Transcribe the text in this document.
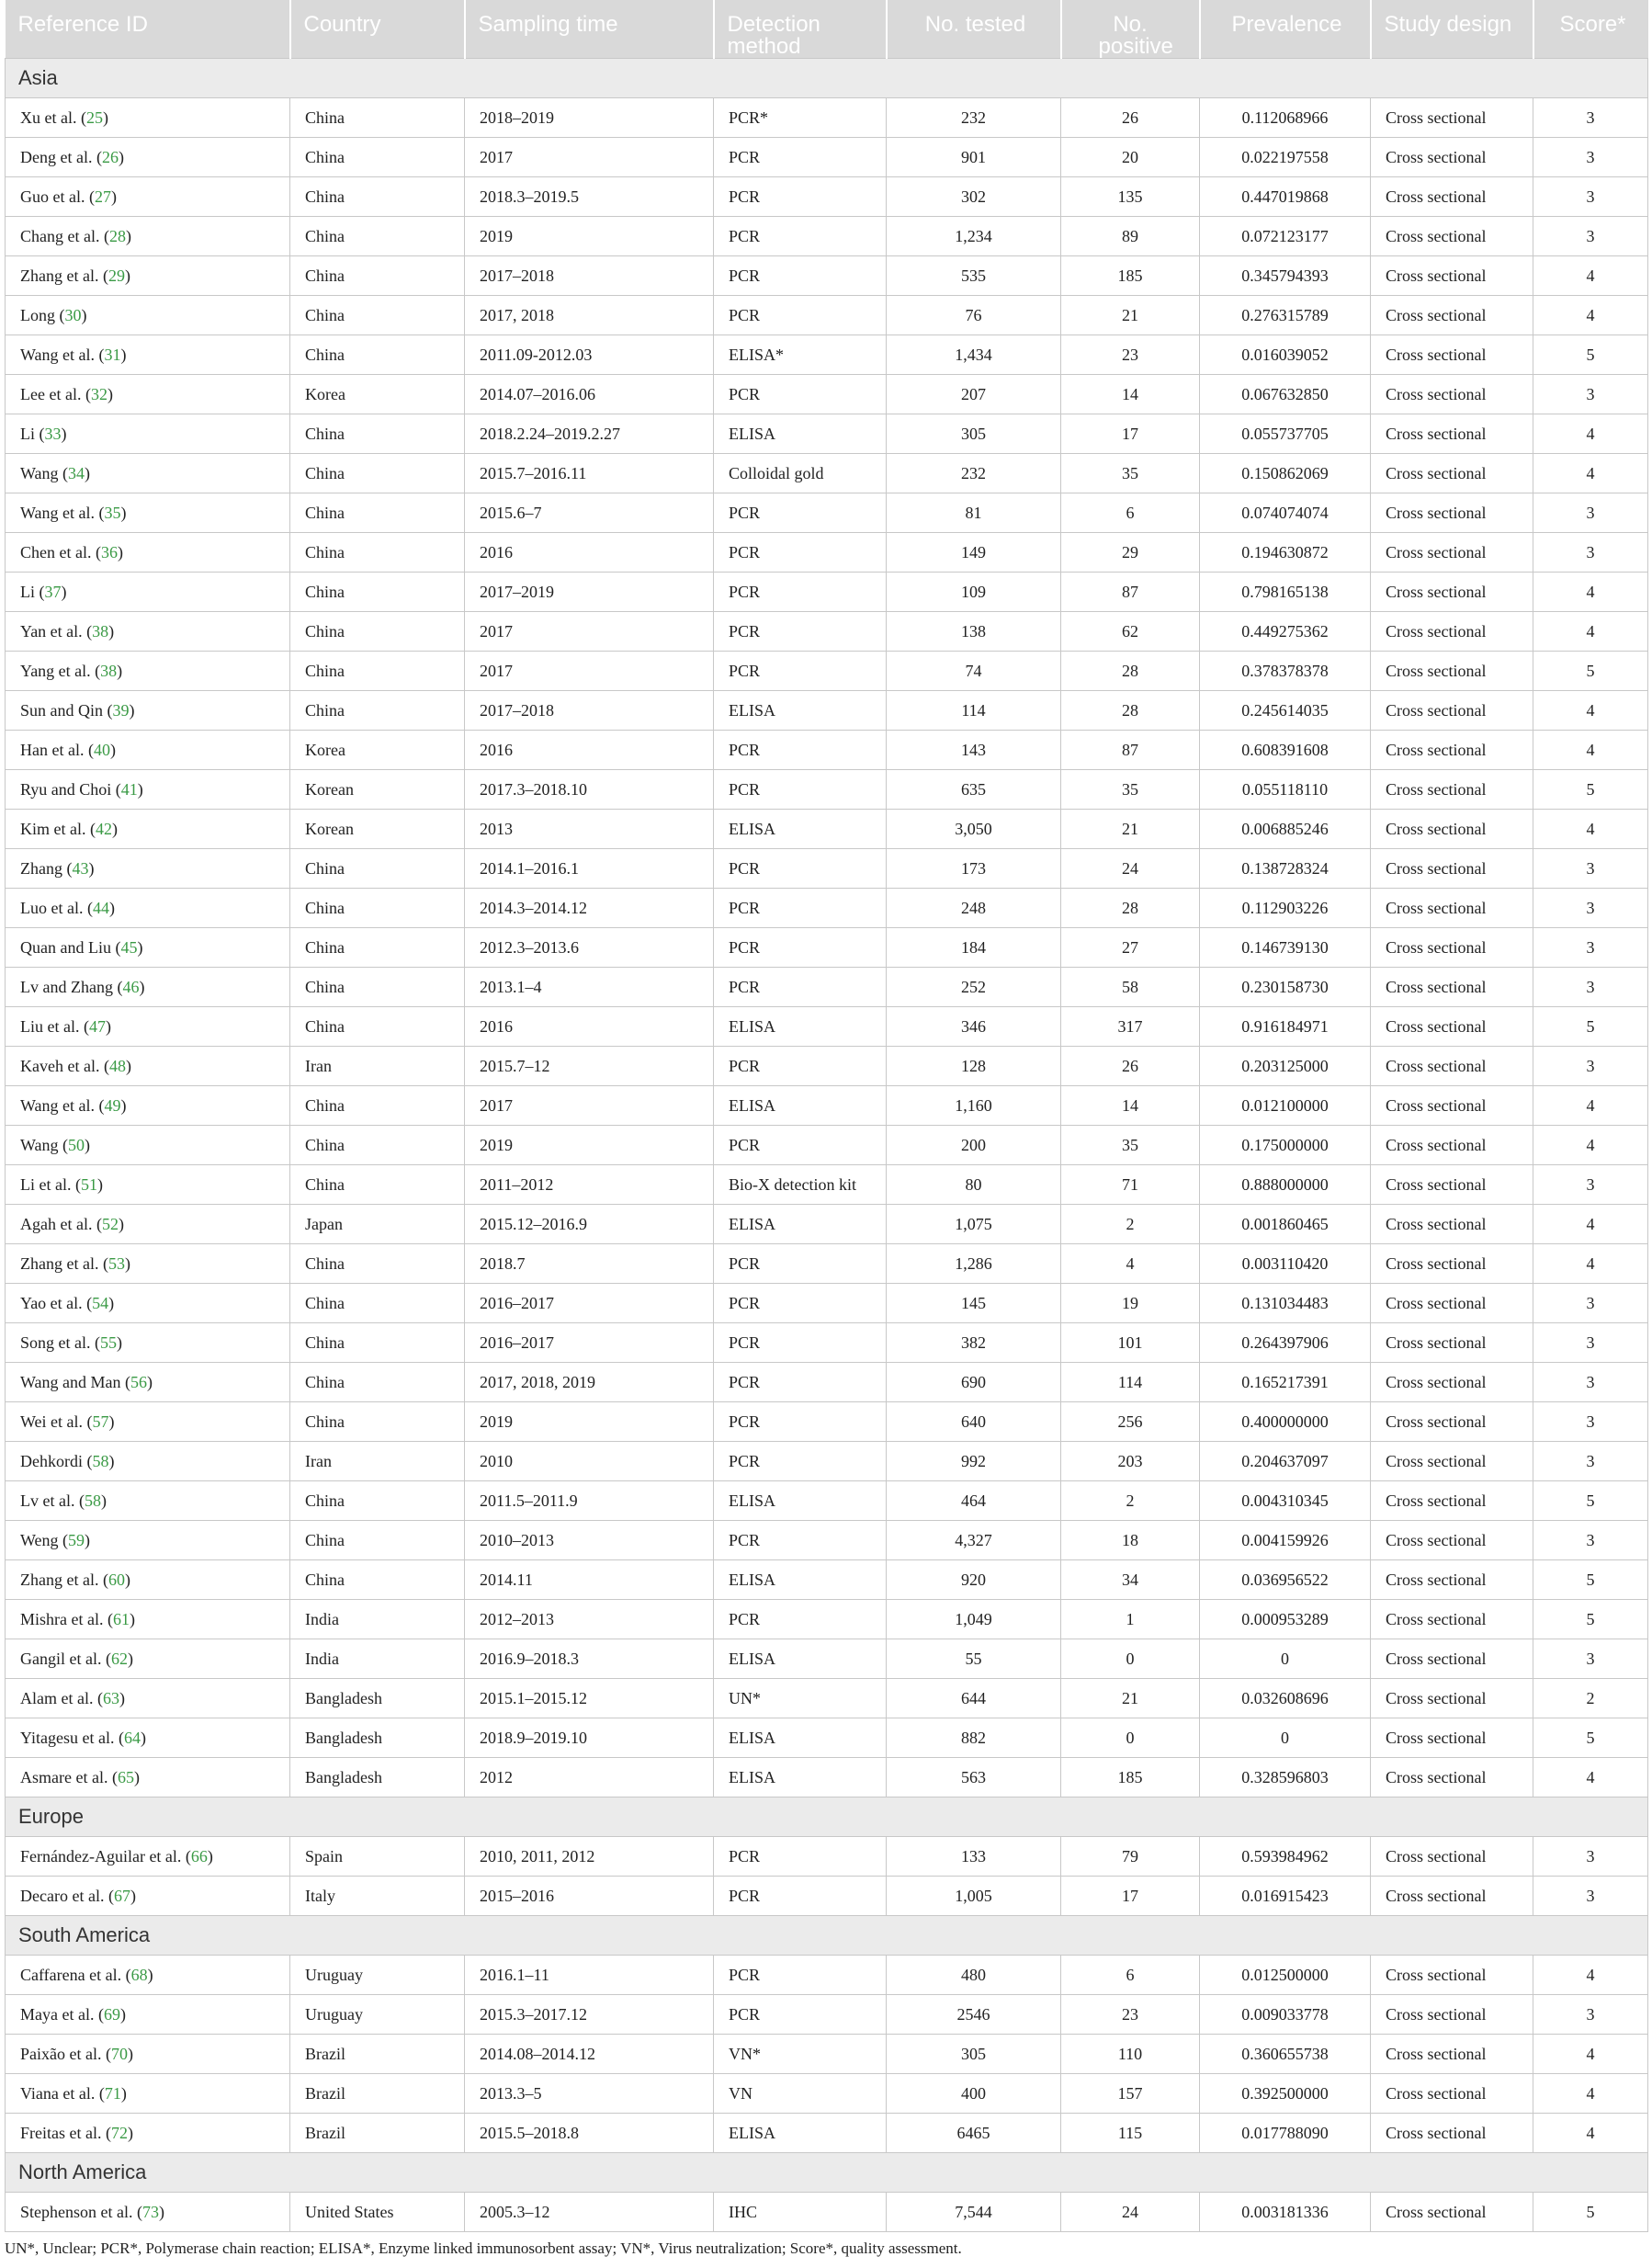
Reference ID	Country	Sampling time	Detection method	No. tested	No. positive	Prevalence	Study design	Score*
Asia								
Xu et al. (25)	China	2018–2019	PCR*	232	26	0.112068966	Cross sectional	3
Deng et al. (26)	China	2017	PCR	901	20	0.022197558	Cross sectional	3
Guo et al. (27)	China	2018.3–2019.5	PCR	302	135	0.447019868	Cross sectional	3
Chang et al. (28)	China	2019	PCR	1,234	89	0.072123177	Cross sectional	3
Zhang et al. (29)	China	2017–2018	PCR	535	185	0.345794393	Cross sectional	4
Long (30)	China	2017, 2018	PCR	76	21	0.276315789	Cross sectional	4
Wang et al. (31)	China	2011.09-2012.03	ELISA*	1,434	23	0.016039052	Cross sectional	5
Lee et al. (32)	Korea	2014.07–2016.06	PCR	207	14	0.067632850	Cross sectional	3
Li (33)	China	2018.2.24–2019.2.27	ELISA	305	17	0.055737705	Cross sectional	4
Wang (34)	China	2015.7–2016.11	Colloidal gold	232	35	0.150862069	Cross sectional	4
Wang et al. (35)	China	2015.6–7	PCR	81	6	0.074074074	Cross sectional	3
Chen et al. (36)	China	2016	PCR	149	29	0.194630872	Cross sectional	3
Li (37)	China	2017–2019	PCR	109	87	0.798165138	Cross sectional	4
Yan et al. (38)	China	2017	PCR	138	62	0.449275362	Cross sectional	4
Yang et al. (38)	China	2017	PCR	74	28	0.378378378	Cross sectional	5
Sun and Qin (39)	China	2017–2018	ELISA	114	28	0.245614035	Cross sectional	4
Han et al. (40)	Korea	2016	PCR	143	87	0.608391608	Cross sectional	4
Ryu and Choi (41)	Korean	2017.3–2018.10	PCR	635	35	0.055118110	Cross sectional	5
Kim et al. (42)	Korean	2013	ELISA	3,050	21	0.006885246	Cross sectional	4
Zhang (43)	China	2014.1–2016.1	PCR	173	24	0.138728324	Cross sectional	3
Luo et al. (44)	China	2014.3–2014.12	PCR	248	28	0.112903226	Cross sectional	3
Quan and Liu (45)	China	2012.3–2013.6	PCR	184	27	0.146739130	Cross sectional	3
Lv and Zhang (46)	China	2013.1–4	PCR	252	58	0.230158730	Cross sectional	3
Liu et al. (47)	China	2016	ELISA	346	317	0.916184971	Cross sectional	5
Kaveh et al. (48)	Iran	2015.7–12	PCR	128	26	0.203125000	Cross sectional	3
Wang et al. (49)	China	2017	ELISA	1,160	14	0.012100000	Cross sectional	4
Wang (50)	China	2019	PCR	200	35	0.175000000	Cross sectional	4
Li et al. (51)	China	2011–2012	Bio-X detection kit	80	71	0.888000000	Cross sectional	3
Agah et al. (52)	Japan	2015.12–2016.9	ELISA	1,075	2	0.001860465	Cross sectional	4
Zhang et al. (53)	China	2018.7	PCR	1,286	4	0.003110420	Cross sectional	4
Yao et al. (54)	China	2016–2017	PCR	145	19	0.131034483	Cross sectional	3
Song et al. (55)	China	2016–2017	PCR	382	101	0.264397906	Cross sectional	3
Wang and Man (56)	China	2017, 2018, 2019	PCR	690	114	0.165217391	Cross sectional	3
Wei et al. (57)	China	2019	PCR	640	256	0.400000000	Cross sectional	3
Dehkordi (58)	Iran	2010	PCR	992	203	0.204637097	Cross sectional	3
Lv et al. (58)	China	2011.5–2011.9	ELISA	464	2	0.004310345	Cross sectional	5
Weng (59)	China	2010–2013	PCR	4,327	18	0.004159926	Cross sectional	3
Zhang et al. (60)	China	2014.11	ELISA	920	34	0.036956522	Cross sectional	5
Mishra et al. (61)	India	2012–2013	PCR	1,049	1	0.000953289	Cross sectional	5
Gangil et al. (62)	India	2016.9–2018.3	ELISA	55	0	0	Cross sectional	3
Alam et al. (63)	Bangladesh	2015.1–2015.12	UN*	644	21	0.032608696	Cross sectional	2
Yitagesu et al. (64)	Bangladesh	2018.9–2019.10	ELISA	882	0	0	Cross sectional	5
Asmare et al. (65)	Bangladesh	2012	ELISA	563	185	0.328596803	Cross sectional	4
Europe								
Fernández-Aguilar et al. (66)	Spain	2010, 2011, 2012	PCR	133	79	0.593984962	Cross sectional	3
Decaro et al. (67)	Italy	2015–2016	PCR	1,005	17	0.016915423	Cross sectional	3
South America								
Caffarena et al. (68)	Uruguay	2016.1–11	PCR	480	6	0.012500000	Cross sectional	4
Maya et al. (69)	Uruguay	2015.3–2017.12	PCR	2546	23	0.009033778	Cross sectional	3
Paixão et al. (70)	Brazil	2014.08–2014.12	VN*	305	110	0.360655738	Cross sectional	4
Viana et al. (71)	Brazil	2013.3–5	VN	400	157	0.392500000	Cross sectional	4
Freitas et al. (72)	Brazil	2015.5–2018.8	ELISA	6465	115	0.017788090	Cross sectional	4
North America								
Stephenson et al. (73)	United States	2005.3–12	IHC	7,544	24	0.003181336	Cross sectional	5
UN*, Unclear; PCR*, Polymerase chain reaction; ELISA*, Enzyme linked immunosorbent assay; VN*, Virus neutralization; Score*, quality assessment.
